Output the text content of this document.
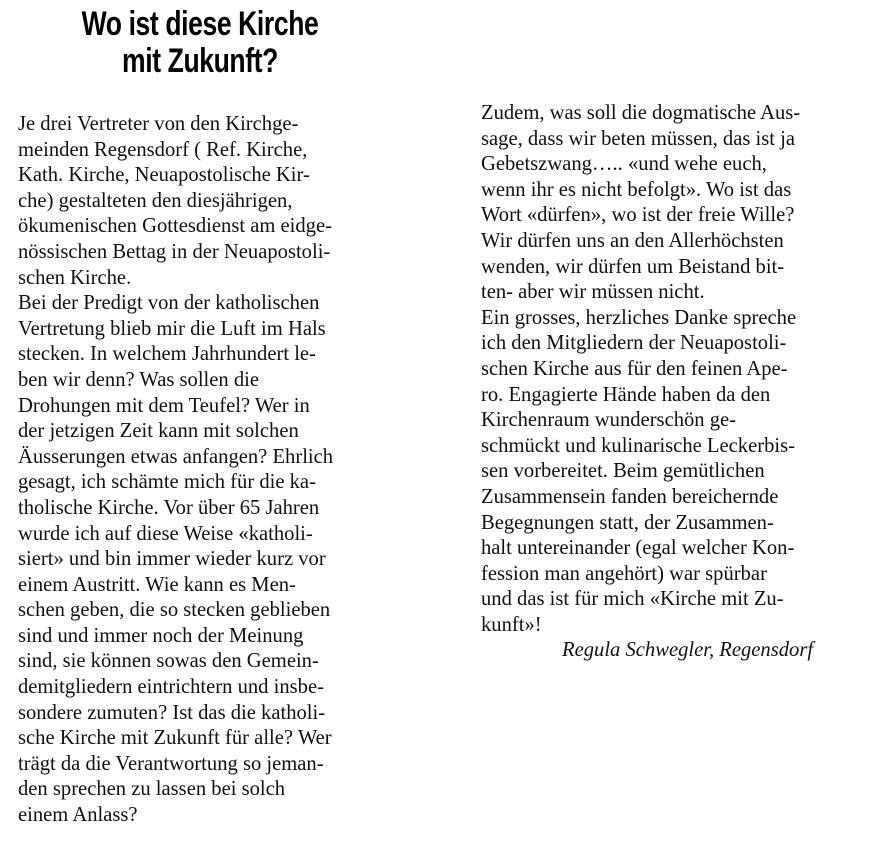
Wo ist diese Kirche
mit Zukunft?
Je drei Vertreter von den Kirchge-
meinden Regensdorf ( Ref. Kirche,
Kath. Kirche, Neuapostolische Kir-
che) gestalteten den diesjährigen,
ökumenischen Gottesdienst am eidge-
nössischen Bettag in der Neuapostoli-
schen Kirche.
Bei der Predigt von der katholischen
Vertretung blieb mir die Luft im Hals
stecken. In welchem Jahrhundert le-
ben wir denn? Was sollen die
Drohungen mit dem Teufel? Wer in
der jetzigen Zeit kann mit solchen
Äusserungen etwas anfangen? Ehrlich
gesagt, ich schämte mich für die ka-
tholische Kirche. Vor über 65 Jahren
wurde ich auf diese Weise «katholi-
siert» und bin immer wieder kurz vor
einem Austritt. Wie kann es Men-
schen geben, die so stecken geblieben
sind und immer noch der Meinung
sind, sie können sowas den Gemein-
demitgliedern eintrichtern und insbe-
sondere zumuten? Ist das die katholi-
sche Kirche mit Zukunft für alle? Wer
trägt da die Verantwortung so jeman-
den sprechen zu lassen bei solch
einem Anlass?
Zudem, was soll die dogmatische Aus-
sage, dass wir beten müssen, das ist ja
Gebetszwang….. «und wehe euch,
wenn ihr es nicht befolgt». Wo ist das
Wort «dürfen», wo ist der freie Wille?
Wir dürfen uns an den Allerhöchsten
wenden, wir dürfen um Beistand bit-
ten- aber wir müssen nicht.
Ein grosses, herzliches Danke spreche
ich den Mitgliedern der Neuapostoli-
schen Kirche aus für den feinen Ape-
ro. Engagierte Hände haben da den
Kirchenraum wunderschön ge-
schmückt und kulinarische Leckerbis-
sen vorbereitet. Beim gemütlichen
Zusammensein fanden bereichernde
Begegnungen statt, der Zusammen-
halt untereinander (egal welcher Kon-
fession man angehört) war spürbar
und das ist für mich «Kirche mit Zu-
kunft»!
Regula Schwegler, Regensdorf
